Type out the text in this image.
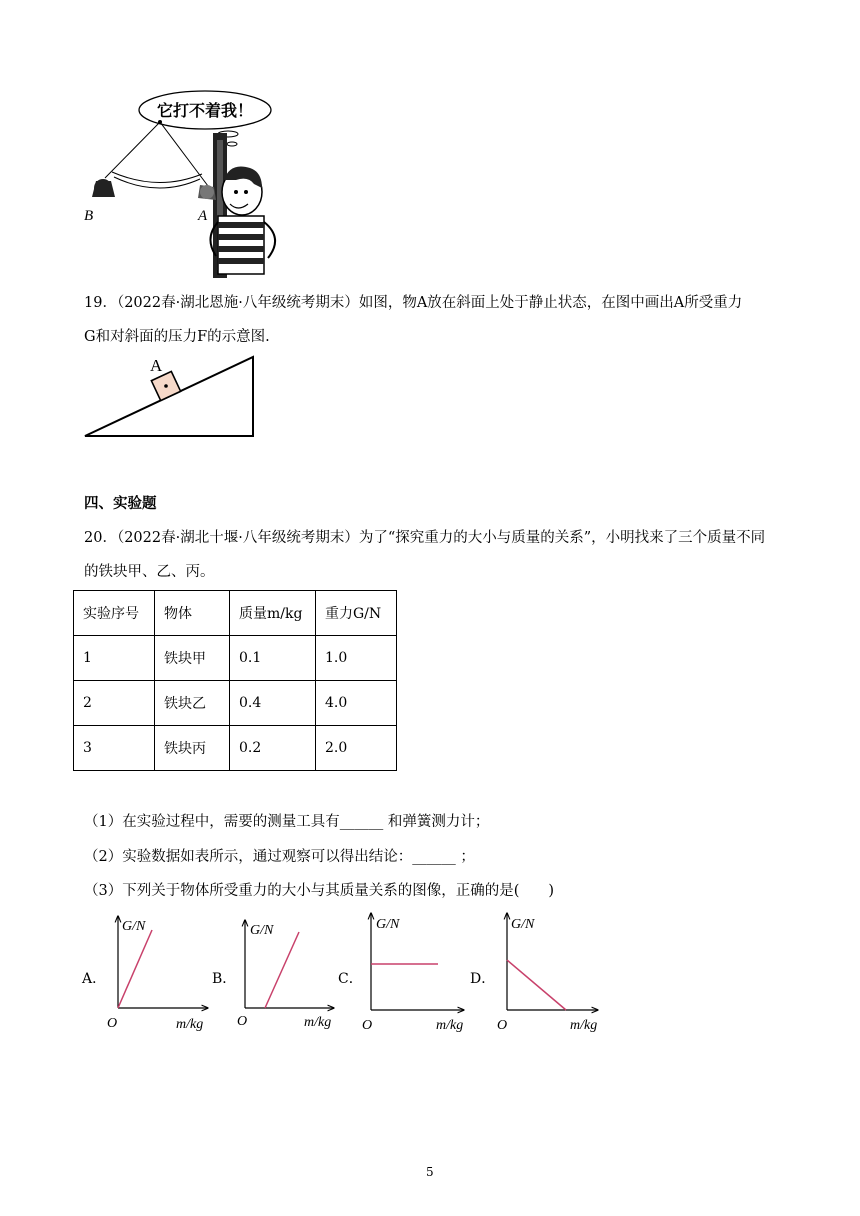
它打不着我！
B	A
19．（2022春·湖北恩施·八年级统考期末）如图，物A放在斜面上处于静止状态，在图中画出A所受重力
G和对斜面的压力F的示意图.
A
四、实验题
20．（2022春·湖北十堰·八年级统考期末）为了“探究重力的大小与质量的关系”，小明找来了三个质量不同
的铁块甲、乙、丙。
实验序号	物体	质量m/kg	重力G/N
1	铁块甲	0.1	1.0
2	铁块乙	0.4	4.0
3	铁块丙	0.2	2.0
（1）在实验过程中，需要的测量工具有______ 和弹簧测力计；
（2）实验数据如表所示，通过观察可以得出结论：______ ；
（3）下列关于物体所受重力的大小与其质量关系的图像，正确的是(　　)
A．	B．	C．	D．
G/N
m/kg
O
G/N
m/kg
O
G/N
m/kg
O
G/N
m/kg
O
5
